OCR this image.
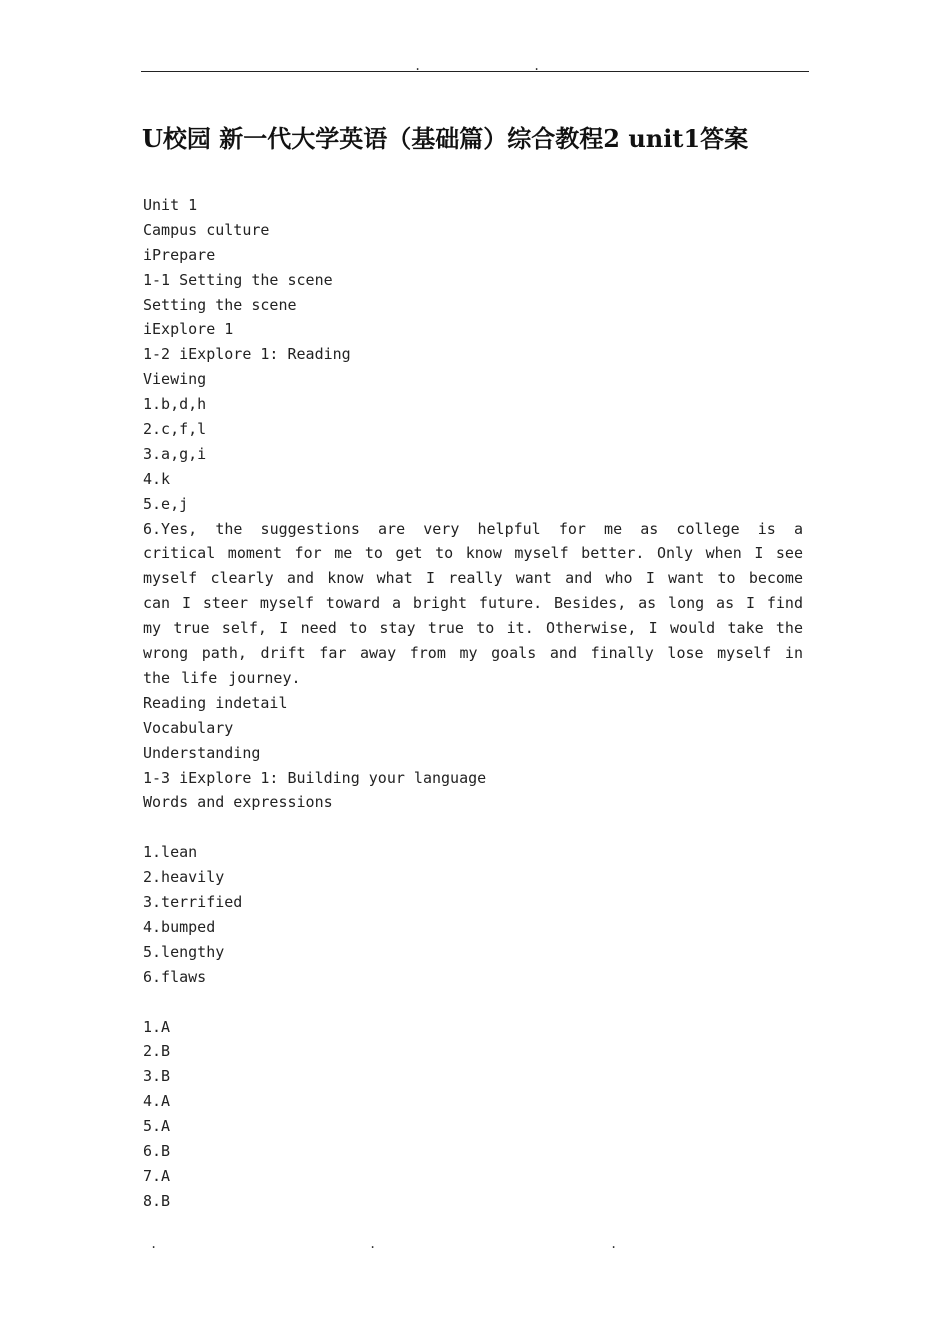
.	.
U校园 新一代大学英语（基础篇）综合教程2 unit1答案
Unit 1
Campus culture
iPrepare
1-1 Setting the scene
Setting the scene
iExplore 1
1-2 iExplore 1: Reading
Viewing
1.b,d,h
2.c,f,l
3.a,g,i
4.k
5.e,j
6.Yes, the suggestions are very helpful for me as college is a critical moment for me to get to know myself better. Only when I see myself clearly and know what I really want and who I want to become can I steer myself toward a bright future. Besides, as long as I find my true self, I need to stay true to it. Otherwise, I would take the wrong path, drift far away from my goals and finally lose myself in the life journey.
Reading indetail
Vocabulary
Understanding
1-3 iExplore 1: Building your language
Words and expressions
1.lean
2.heavily
3.terrified
4.bumped
5.lengthy
6.flaws
1.A
2.B
3.B
4.A
5.A
6.B
7.A
8.B
.	.	.
